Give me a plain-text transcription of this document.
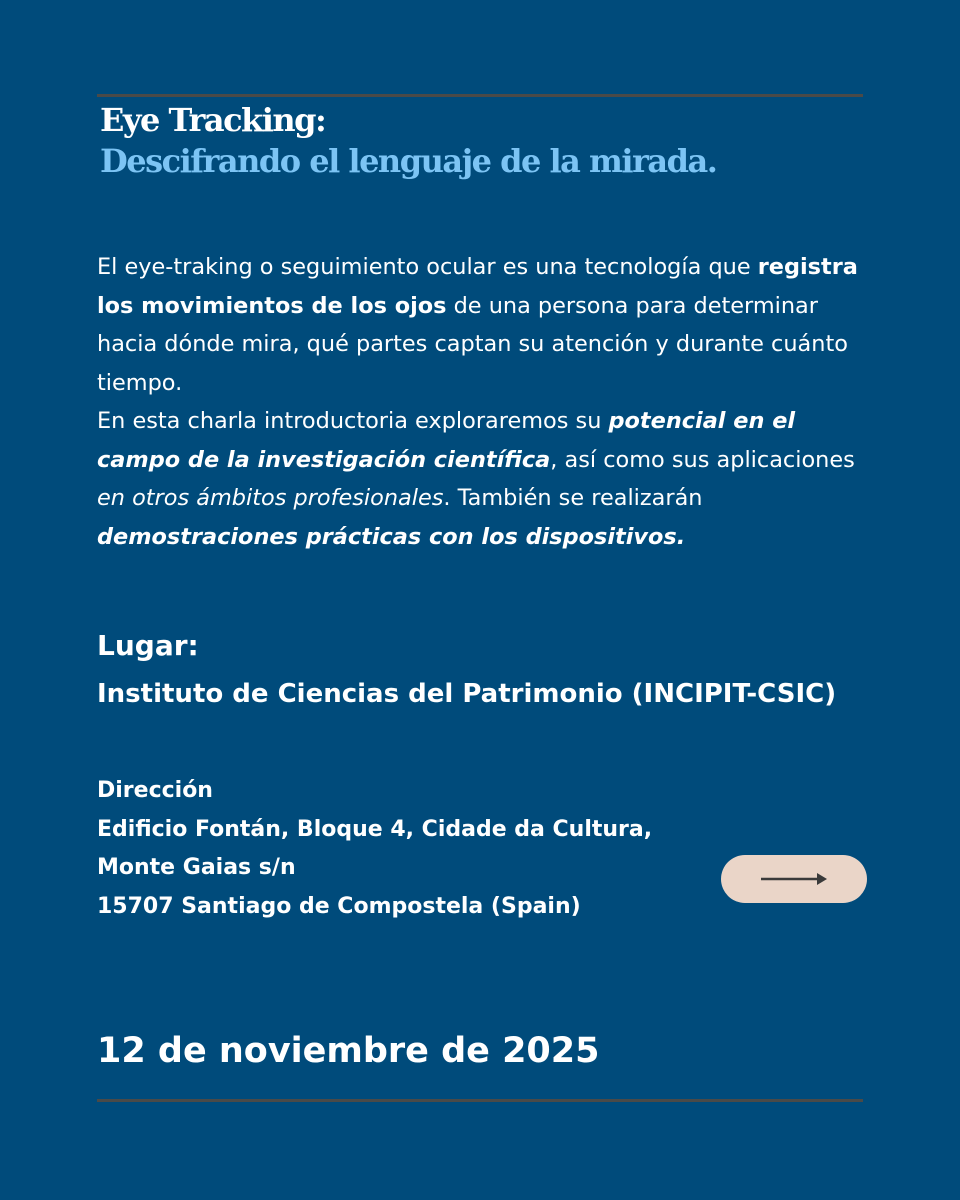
Eye Tracking:
Descifrando el lenguaje de la mirada.

El eye-traking o seguimiento ocular es una tecnología que registra los movimientos de los ojos de una persona para determinar hacia dónde mira, qué partes captan su atención y durante cuánto tiempo.

En esta charla introductoria exploraremos su potencial en el campo de la investigación científica, así como sus aplicaciones en otros ámbitos profesionales. También se realizarán demostraciones prácticas con los dispositivos.

Lugar:
Instituto de Ciencias del Patrimonio (INCIPIT-CSIC)
Dirección
Edificio Fontán, Bloque 4, Cidade da Cultura,
Monte Gaias s/n
15707 Santiago de Compostela (Spain)
12 de noviembre de 2025
